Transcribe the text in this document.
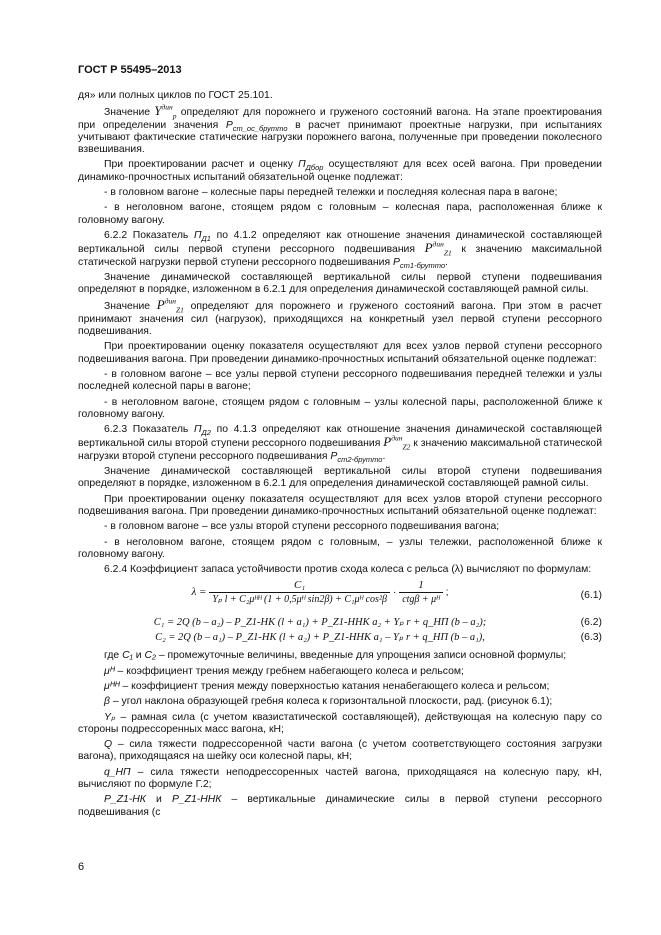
ГОСТ Р 55495–2013

дя» или полных циклов по ГОСТ 25.101.

Значение $Y^{дин}_p$ определяют для порожнего и груженого состояний вагона. На этапе проектирования при определении значения $P_{ст\_ос\_брутто}$ в расчет принимают проектные нагрузки, при испытаниях учитывают фактические статические нагрузки порожнего вагона, полученные при проведении поколесного взвешивания.

При проектировании расчет и оценку $П_{Дбор}$ осуществляют для всех осей вагона. При проведении динамико-прочностных испытаний обязательной оценке подлежат:

- в головном вагоне – колесные пары передней тележки и последняя колесная пара в вагоне;

- в неголовном вагоне, стоящем рядом с головным – колесная пара, расположенная ближе к головному вагону.

6.2.2 Показатель $П_{Д1}$ по 4.1.2 определяют как отношение значения динамической составляющей вертикальной силы первой ступени рессорного подвешивания $P^{дин}_{Z1}$ к значению максимальной статической нагрузки первой ступени рессорного подвешивания $P_{ст1-брутто}$.

Значение динамической составляющей вертикальной силы первой ступени подвешивания определяют в порядке, изложенном в 6.2.1 для определения динамической составляющей рамной силы.

Значение $P^{дин}_{Z1}$ определяют для порожнего и груженого состояний вагона. При этом в расчет принимают значения сил (нагрузок), приходящихся на конкретный узел первой ступени рессорного подвешивания.

При проектировании оценку показателя осуществляют для всех узлов первой ступени рессорного подвешивания вагона. При проведении динамико-прочностных испытаний обязательной оценке подлежат:

- в головном вагоне – все узлы первой ступени рессорного подвешивания передней тележки и узлы последней колесной пары в вагоне;

- в неголовном вагоне, стоящем рядом с головным – узлы колесной пары, расположенной ближе к головному вагону.

6.2.3 Показатель $П_{Д2}$ по 4.1.3 определяют как отношение значения динамической составляющей вертикальной силы второй ступени рессорного подвешивания $P^{дин}_{Z2}$ к значению максимальной статической нагрузки второй ступени рессорного подвешивания $P_{ст2-брутто}$.

Значение динамической составляющей вертикальной силы второй ступени подвешивания определяют в порядке, изложенном в 6.2.1 для определения динамической составляющей рамной силы.

При проектировании оценку показателя осуществляют для всех узлов второй ступени рессорного подвешивания вагона. При проведении динамико-прочностных испытаний обязательной оценке подлежат:

- в головном вагоне – все узлы второй ступени рессорного подвешивания вагона;

- в неголовном вагоне, стоящем рядом с головным, – узлы тележки, расположенной ближе к головному вагону.

6.2.4 Коэффициент запаса устойчивости против схода колеса с рельса (λ) вычисляют по формулам:

$\lambda = \frac{\text{C₁}}{\text{Yₚ l + C₂μᴴᴴ (1 + 0,5μᴴ sin2β) + C₁μᴴ cos²β}} \cdot \frac{1}{\text{ctgβ + μᴴ}}$ ;	(6.1)
C₁ = 2Q (b – a₂) – P_Z1-НК (l + a₁) + P_Z1-ННК a₂ + Yₚ r + q_НП (b – a₂);	(6.2)
C₂ = 2Q (b – a₁) – P_Z1-НК (l + a₂) + P_Z1-ННК a₁ – Yₚ r + q_НП (b – a₁),	(6.3)

где C₁ и C₂ – промежуточные величины, введенные для упрощения записи основной формулы;

μᴴ – коэффициент трения между гребнем набегающего колеса и рельсом;

μᴴᴴ – коэффициент трения между поверхностью катания ненабегающего колеса и рельсом;

β – угол наклона образующей гребня колеса к горизонтальной плоскости, рад. (рисунок 6.1);

Yₚ – рамная сила (с учетом квазистатической составляющей), действующая на колесную пару со стороны подрессоренных масс вагона, кН;

Q – сила тяжести подрессоренной части вагона (с учетом соответствующего состояния загрузки вагона), приходящаяся на шейку оси колесной пары, кН;

q_НП – сила тяжести неподрессоренных частей вагона, приходящаяся на колесную пару, кН, вычисляют по формуле Г.2;

P_Z1-НК и P_Z1-ННК – вертикальные динамические силы в первой ступени рессорного подвешивания (с

6
